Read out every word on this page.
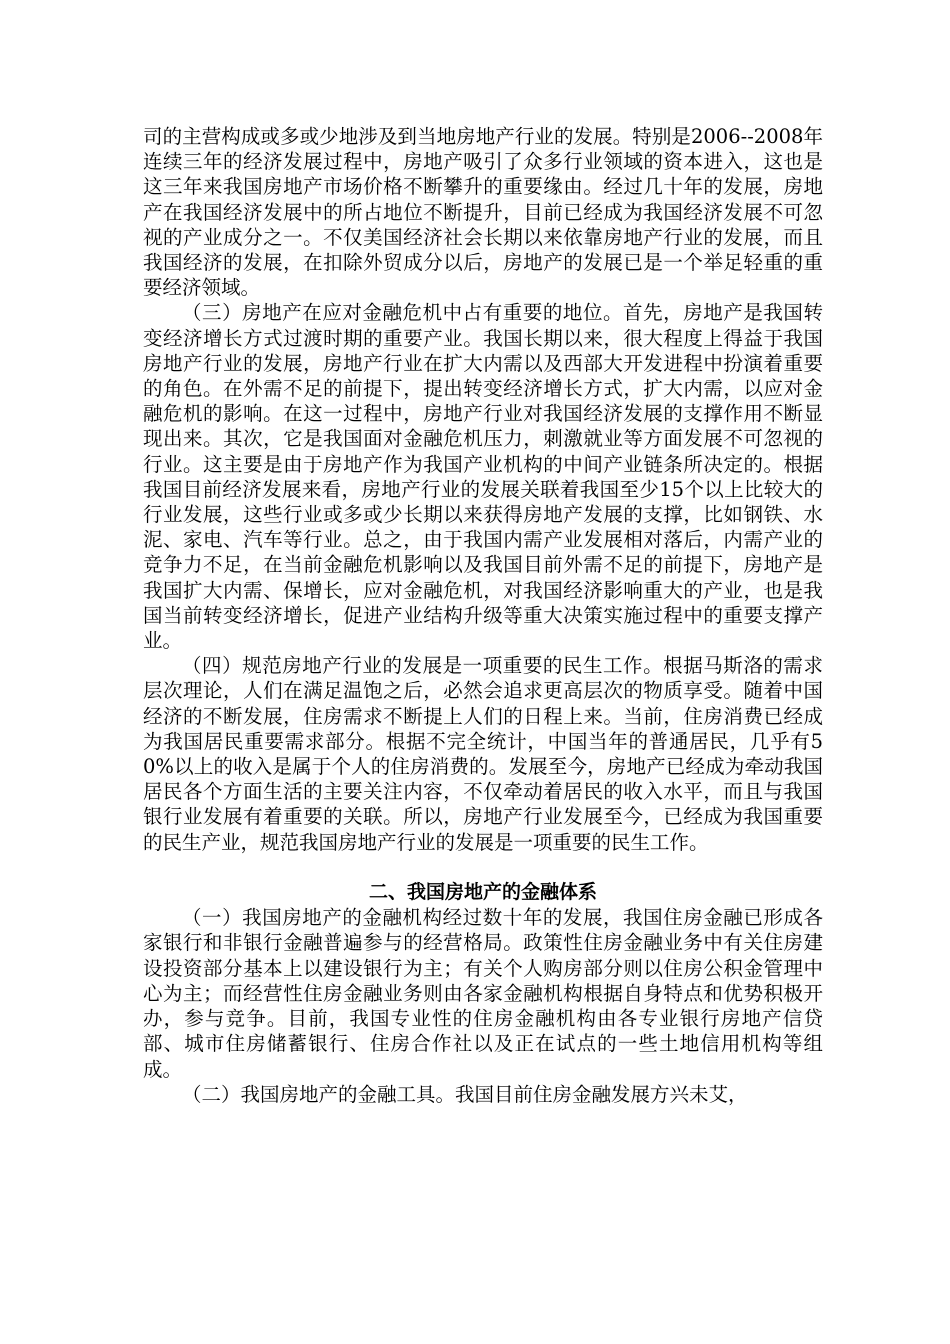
司的主营构成或多或少地涉及到当地房地产行业的发展。特别是2006--2008年连续三年的经济发展过程中，房地产吸引了众多行业领域的资本进入，这也是这三年来我国房地产市场价格不断攀升的重要缘由。经过几十年的发展，房地产在我国经济发展中的所占地位不断提升，目前已经成为我国经济发展不可忽视的产业成分之一。不仅美国经济社会长期以来依靠房地产行业的发展，而且我国经济的发展，在扣除外贸成分以后，房地产的发展已是一个举足轻重的重要经济领域。

（三）房地产在应对金融危机中占有重要的地位。首先，房地产是我国转变经济增长方式过渡时期的重要产业。我国长期以来，很大程度上得益于我国房地产行业的发展，房地产行业在扩大内需以及西部大开发进程中扮演着重要的角色。在外需不足的前提下，提出转变经济增长方式，扩大内需，以应对金融危机的影响。在这一过程中，房地产行业对我国经济发展的支撑作用不断显现出来。其次，它是我国面对金融危机压力，刺激就业等方面发展不可忽视的行业。这主要是由于房地产作为我国产业机构的中间产业链条所决定的。根据我国目前经济发展来看，房地产行业的发展关联着我国至少15个以上比较大的行业发展，这些行业或多或少长期以来获得房地产发展的支撑，比如钢铁、水泥、家电、汽车等行业。总之，由于我国内需产业发展相对落后，内需产业的竞争力不足，在当前金融危机影响以及我国目前外需不足的前提下，房地产是我国扩大内需、保增长，应对金融危机，对我国经济影响重大的产业，也是我国当前转变经济增长，促进产业结构升级等重大决策实施过程中的重要支撑产业。

（四）规范房地产行业的发展是一项重要的民生工作。根据马斯洛的需求层次理论，人们在满足温饱之后，必然会追求更高层次的物质享受。随着中国经济的不断发展，住房需求不断提上人们的日程上来。当前，住房消费已经成为我国居民重要需求部分。根据不完全统计，中国当年的普通居民，几乎有50%以上的收入是属于个人的住房消费的。发展至今，房地产已经成为牵动我国居民各个方面生活的主要关注内容，不仅牵动着居民的收入水平，而且与我国银行业发展有着重要的关联。所以，房地产行业发展至今，已经成为我国重要的民生产业，规范我国房地产行业的发展是一项重要的民生工作。

二、我国房地产的金融体系

（一）我国房地产的金融机构经过数十年的发展，我国住房金融已形成各家银行和非银行金融普遍参与的经营格局。政策性住房金融业务中有关住房建设投资部分基本上以建设银行为主；有关个人购房部分则以住房公积金管理中心为主；而经营性住房金融业务则由各家金融机构根据自身特点和优势积极开办，参与竞争。目前，我国专业性的住房金融机构由各专业银行房地产信贷部、城市住房储蓄银行、住房合作社以及正在试点的一些土地信用机构等组成。

（二）我国房地产的金融工具。我国目前住房金融发展方兴未艾，
